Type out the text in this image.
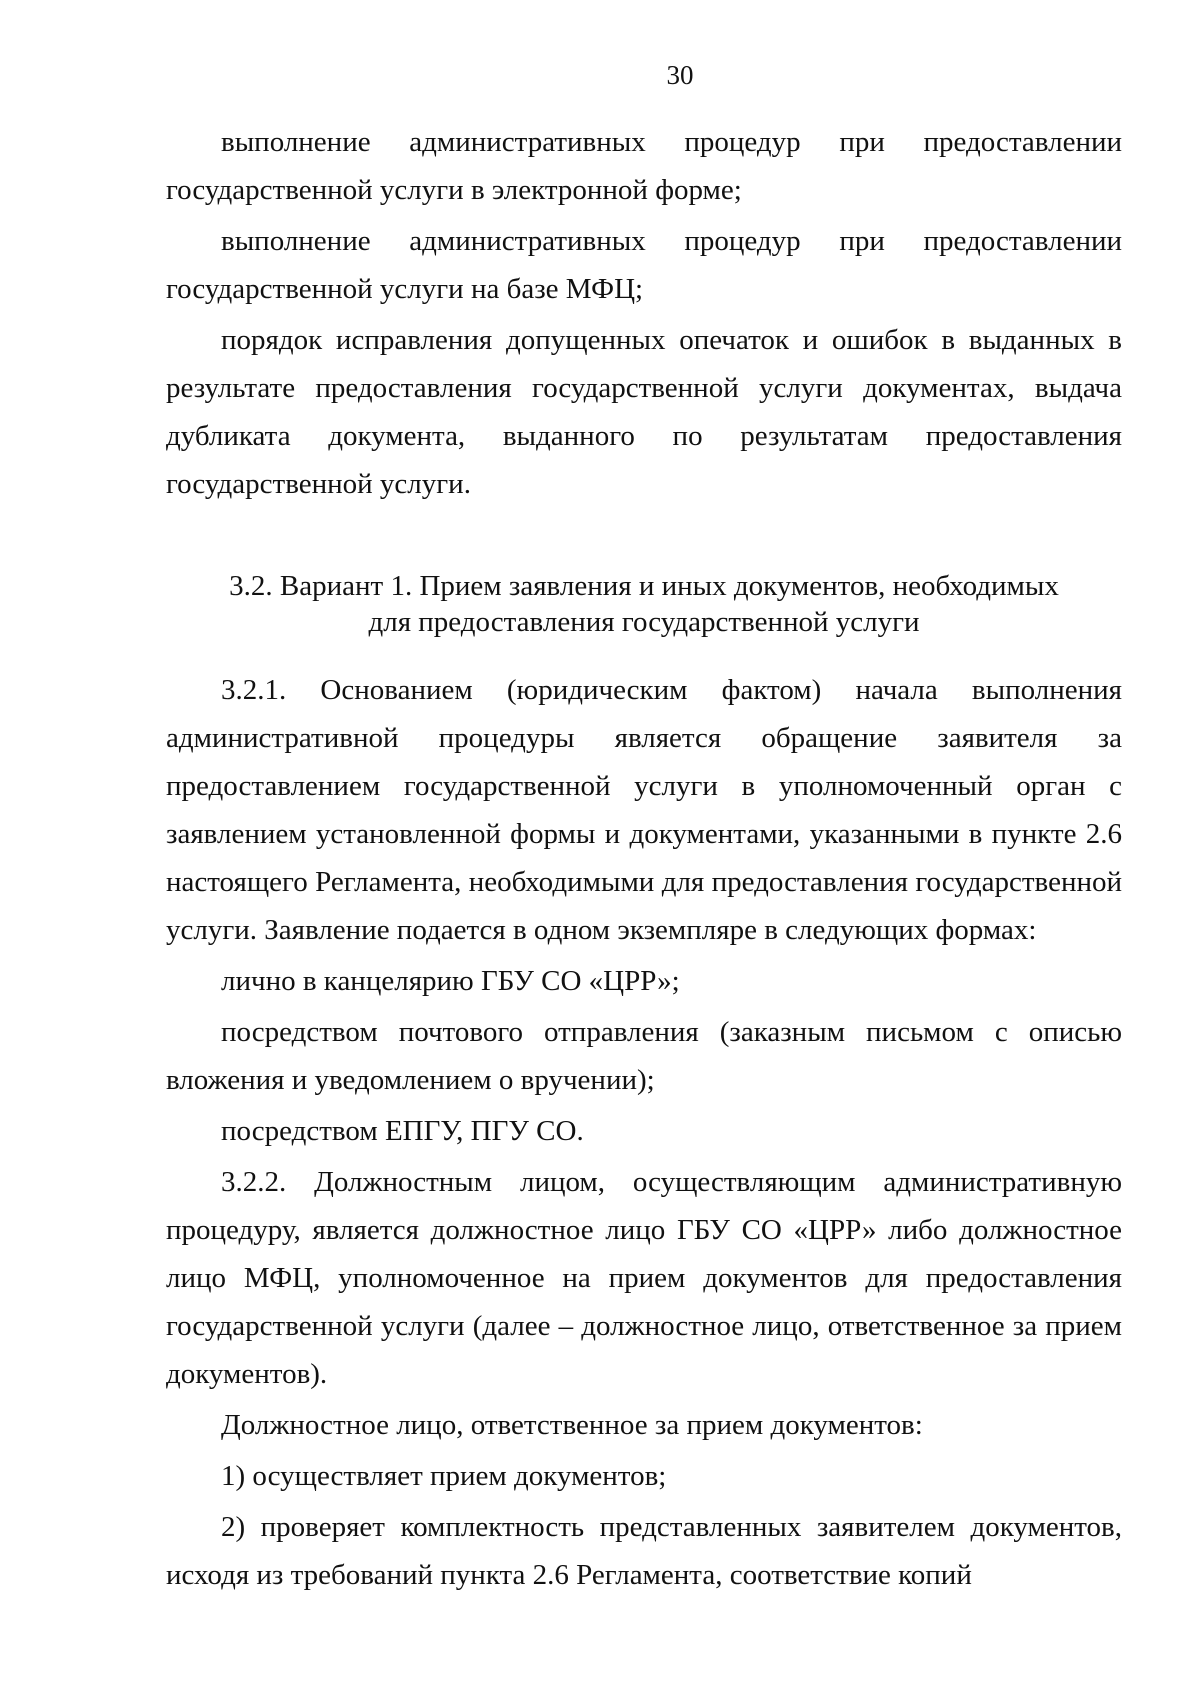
30

выполнение административных процедур при предоставлении государственной услуги в электронной форме;

выполнение административных процедур при предоставлении государственной услуги на базе МФЦ;

порядок исправления допущенных опечаток и ошибок в выданных в результате предоставления государственной услуги документах, выдача дубликата документа, выданного по результатам предоставления государственной услуги.

3.2. Вариант 1. Прием заявления и иных документов, необходимых
для предоставления государственной услуги

3.2.1. Основанием (юридическим фактом) начала выполнения административной процедуры является обращение заявителя за предоставлением государственной услуги в уполномоченный орган с заявлением установленной формы и документами, указанными в пункте 2.6 настоящего Регламента, необходимыми для предоставления государственной услуги. Заявление подается в одном экземпляре в следующих формах:

лично в канцелярию ГБУ СО «ЦРР»;

посредством почтового отправления (заказным письмом с описью вложения и уведомлением о вручении);

посредством ЕПГУ, ПГУ СО.

3.2.2. Должностным лицом, осуществляющим административную процедуру, является должностное лицо ГБУ СО «ЦРР» либо должностное лицо МФЦ, уполномоченное на прием документов для предоставления государственной услуги (далее – должностное лицо, ответственное за прием документов).

Должностное лицо, ответственное за прием документов:

1) осуществляет прием документов;

2) проверяет комплектность представленных заявителем документов, исходя из требований пункта 2.6 Регламента, соответствие копий
